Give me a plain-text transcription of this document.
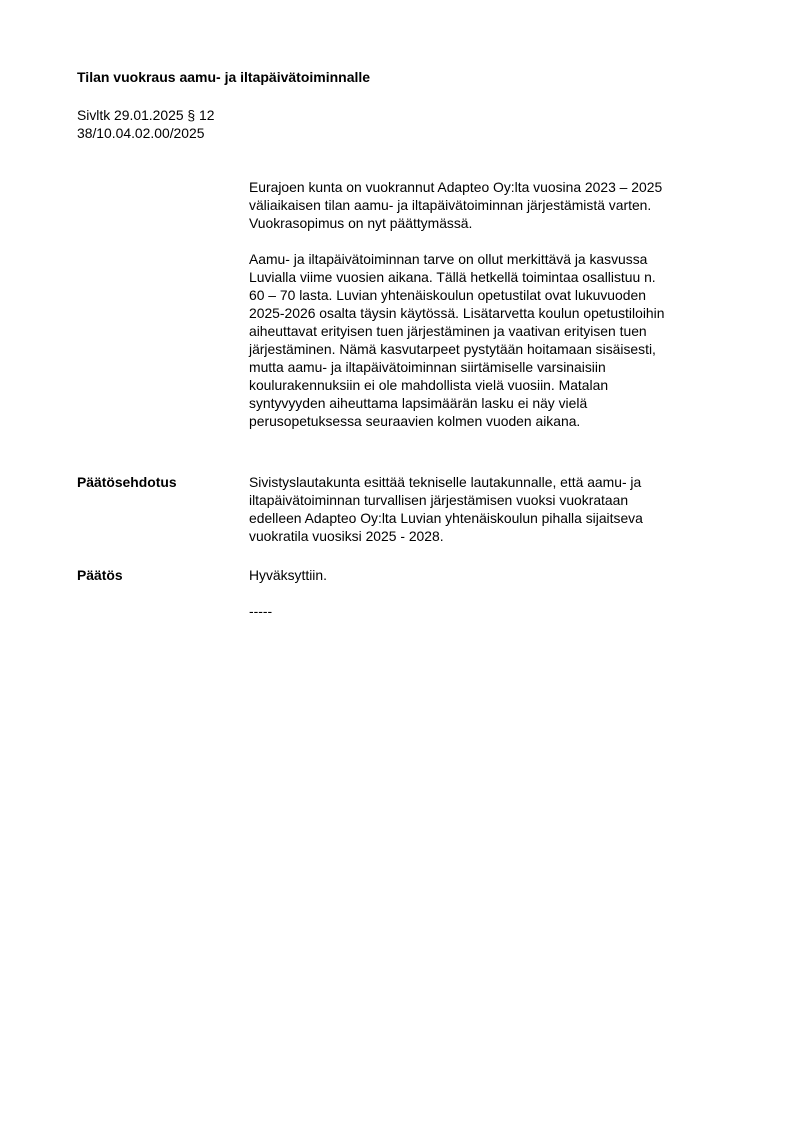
Tilan vuokraus aamu- ja iltapäivätoiminnalle
Sivltk 29.01.2025 § 12
38/10.04.02.00/2025
Eurajoen kunta on vuokrannut Adapteo Oy:lta vuosina 2023 – 2025
väliaikaisen tilan aamu- ja iltapäivätoiminnan järjestämistä varten.
Vuokrasopimus on nyt päättymässä.
Aamu- ja iltapäivätoiminnan tarve on ollut merkittävä ja kasvussa
Luvialla viime vuosien aikana. Tällä hetkellä toimintaa osallistuu n.
60 – 70 lasta. Luvian yhtenäiskoulun opetustilat ovat lukuvuoden
2025-2026 osalta täysin käytössä. Lisätarvetta koulun opetustiloihin
aiheuttavat erityisen tuen järjestäminen ja vaativan erityisen tuen
järjestäminen. Nämä kasvutarpeet pystytään hoitamaan sisäisesti,
mutta aamu- ja iltapäivätoiminnan siirtämiselle varsinaisiin
koulurakennuksiin ei ole mahdollista vielä vuosiin. Matalan
syntyvyyden aiheuttama lapsimäärän lasku ei näy vielä
perusopetuksessa seuraavien kolmen vuoden aikana.
Päätösehdotus	Sivistyslautakunta esittää tekniselle lautakunnalle, että aamu- ja
iltapäivätoiminnan turvallisen järjestämisen vuoksi vuokrataan
edelleen Adapteo Oy:lta Luvian yhtenäiskoulun pihalla sijaitseva
vuokratila vuosiksi 2025 - 2028.
Päätös	Hyväksyttiin.
-----
